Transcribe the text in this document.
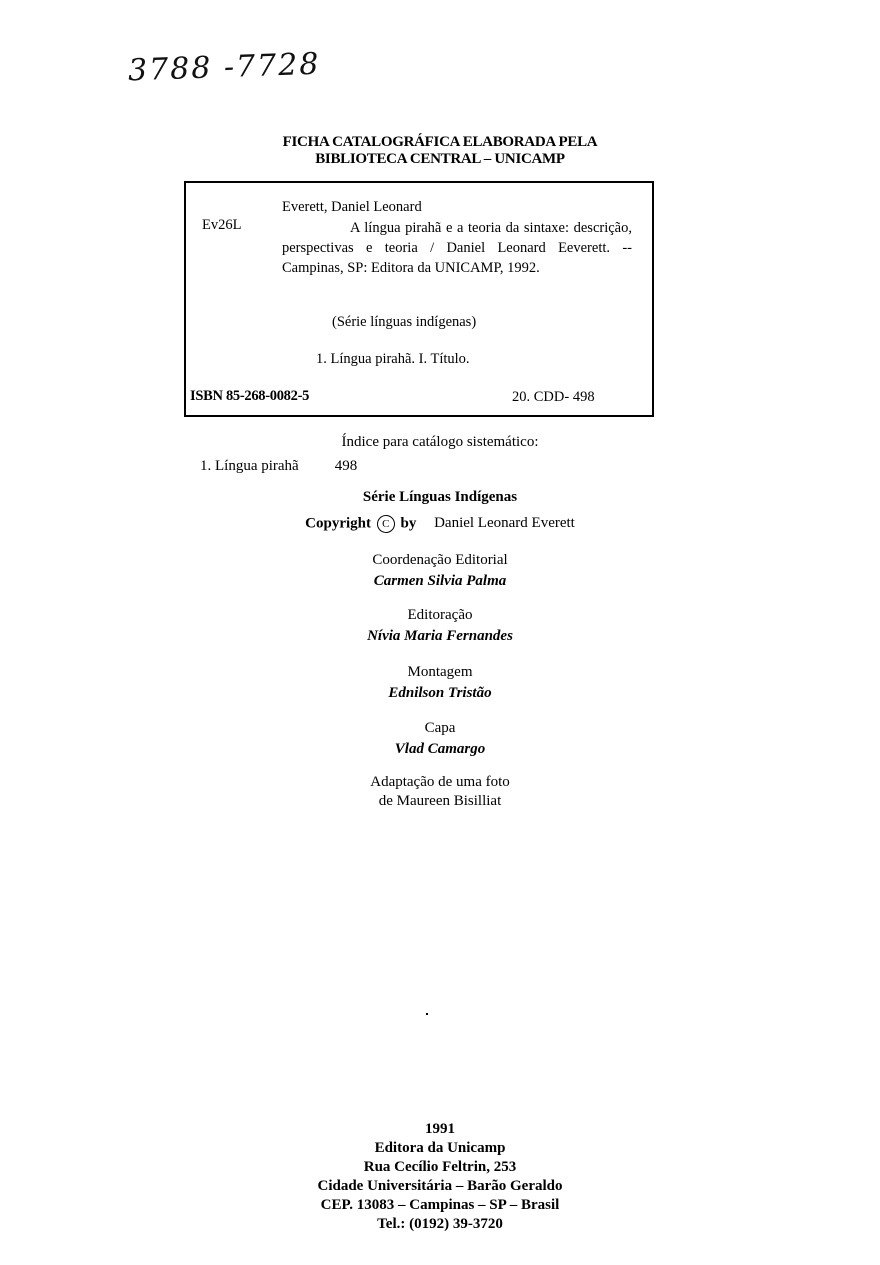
3788 -7728
FICHA CATALOGRÁFICA ELABORADA PELA
BIBLIOTECA CENTRAL – UNICAMP
Ev26L
Everett, Daniel Leonard
A língua pirahã e a teoria da sintaxe: descrição, perspectivas e teoria / Daniel Leonard Eeverett. -- Campinas, SP: Editora da UNICAMP, 1992.
(Série línguas indígenas)
1. Língua pirahã. I. Título.
ISBN 85-268-0082-5	20. CDD- 498
Índice para catálogo sistemático:
1. Língua pirahã 498
Série Línguas Indígenas
Copyright C by Daniel Leonard Everett
Coordenação Editorial
Carmen Silvia Palma
Editoração
Nívia Maria Fernandes
Montagem
Ednilson Tristão
Capa
Vlad Camargo
Adaptação de uma foto
de Maureen Bisilliat
1991
Editora da Unicamp
Rua Cecílio Feltrin, 253
Cidade Universitária – Barão Geraldo
CEP. 13083 – Campinas – SP – Brasil
Tel.: (0192) 39-3720
